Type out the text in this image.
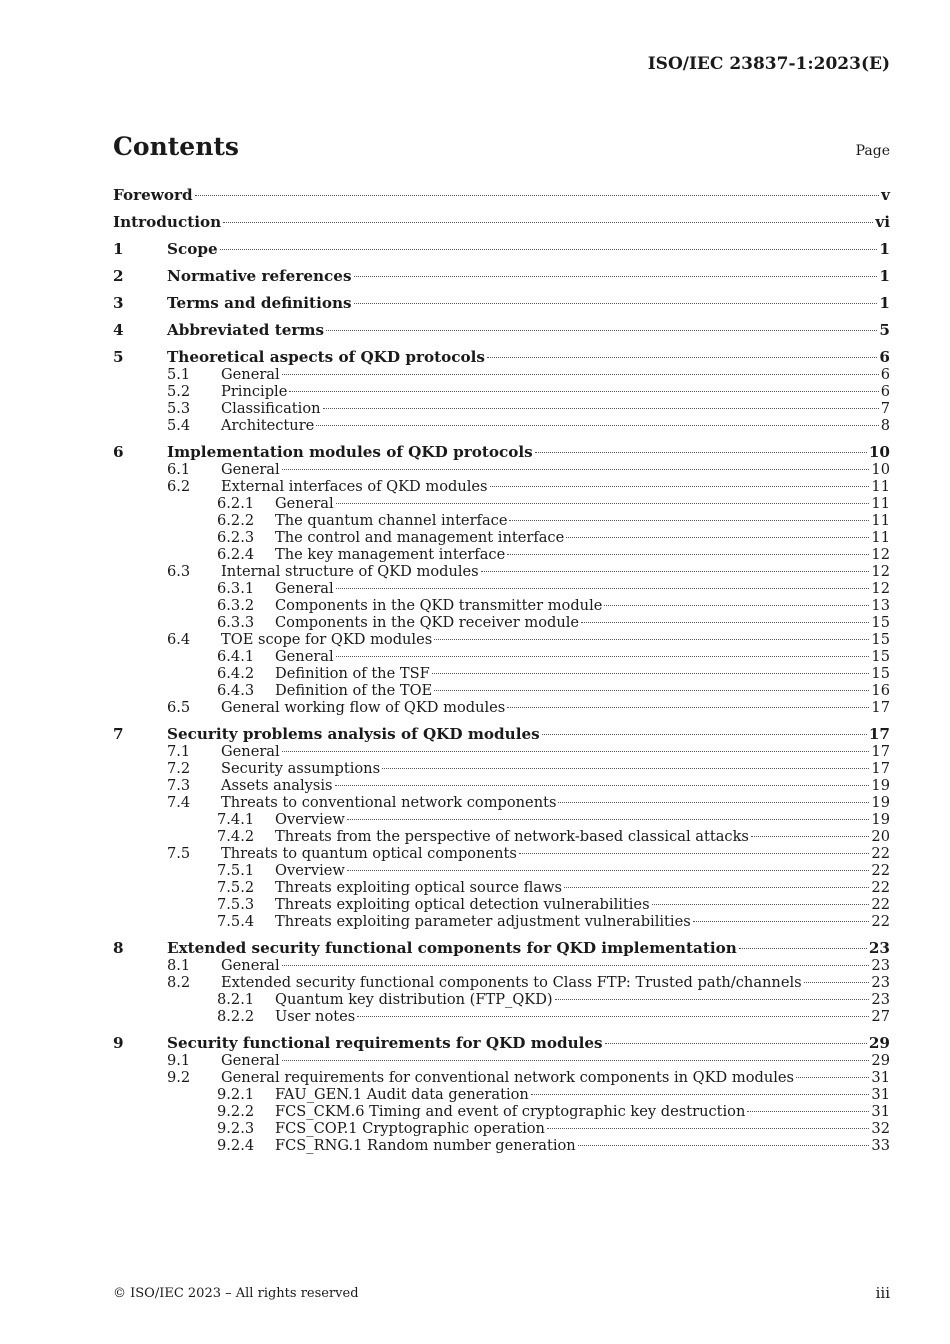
ISO/IEC 23837-1:2023(E)
Contents	Page
Foreword	v
Introduction	vi
1	Scope	1
2	Normative references	1
3	Terms and definitions	1
4	Abbreviated terms	5
5	Theoretical aspects of QKD protocols	6
5.1	General	6
5.2	Principle	6
5.3	Classification	7
5.4	Architecture	8
6	Implementation modules of QKD protocols	10
6.1	General	10
6.2	External interfaces of QKD modules	11
6.2.1	General	11
6.2.2	The quantum channel interface	11
6.2.3	The control and management interface	11
6.2.4	The key management interface	12
6.3	Internal structure of QKD modules	12
6.3.1	General	12
6.3.2	Components in the QKD transmitter module	13
6.3.3	Components in the QKD receiver module	15
6.4	TOE scope for QKD modules	15
6.4.1	General	15
6.4.2	Definition of the TSF	15
6.4.3	Definition of the TOE	16
6.5	General working flow of QKD modules	17
7	Security problems analysis of QKD modules	17
7.1	General	17
7.2	Security assumptions	17
7.3	Assets analysis	19
7.4	Threats to conventional network components	19
7.4.1	Overview	19
7.4.2	Threats from the perspective of network-based classical attacks	20
7.5	Threats to quantum optical components	22
7.5.1	Overview	22
7.5.2	Threats exploiting optical source flaws	22
7.5.3	Threats exploiting optical detection vulnerabilities	22
7.5.4	Threats exploiting parameter adjustment vulnerabilities	22
8	Extended security functional components for QKD implementation	23
8.1	General	23
8.2	Extended security functional components to Class FTP: Trusted path/channels	23
8.2.1	Quantum key distribution (FTP_QKD)	23
8.2.2	User notes	27
9	Security functional requirements for QKD modules	29
9.1	General	29
9.2	General requirements for conventional network components in QKD modules	31
9.2.1	FAU_GEN.1 Audit data generation	31
9.2.2	FCS_CKM.6 Timing and event of cryptographic key destruction	31
9.2.3	FCS_COP.1 Cryptographic operation	32
9.2.4	FCS_RNG.1 Random number generation	33
© ISO/IEC 2023 – All rights reserved	iii
